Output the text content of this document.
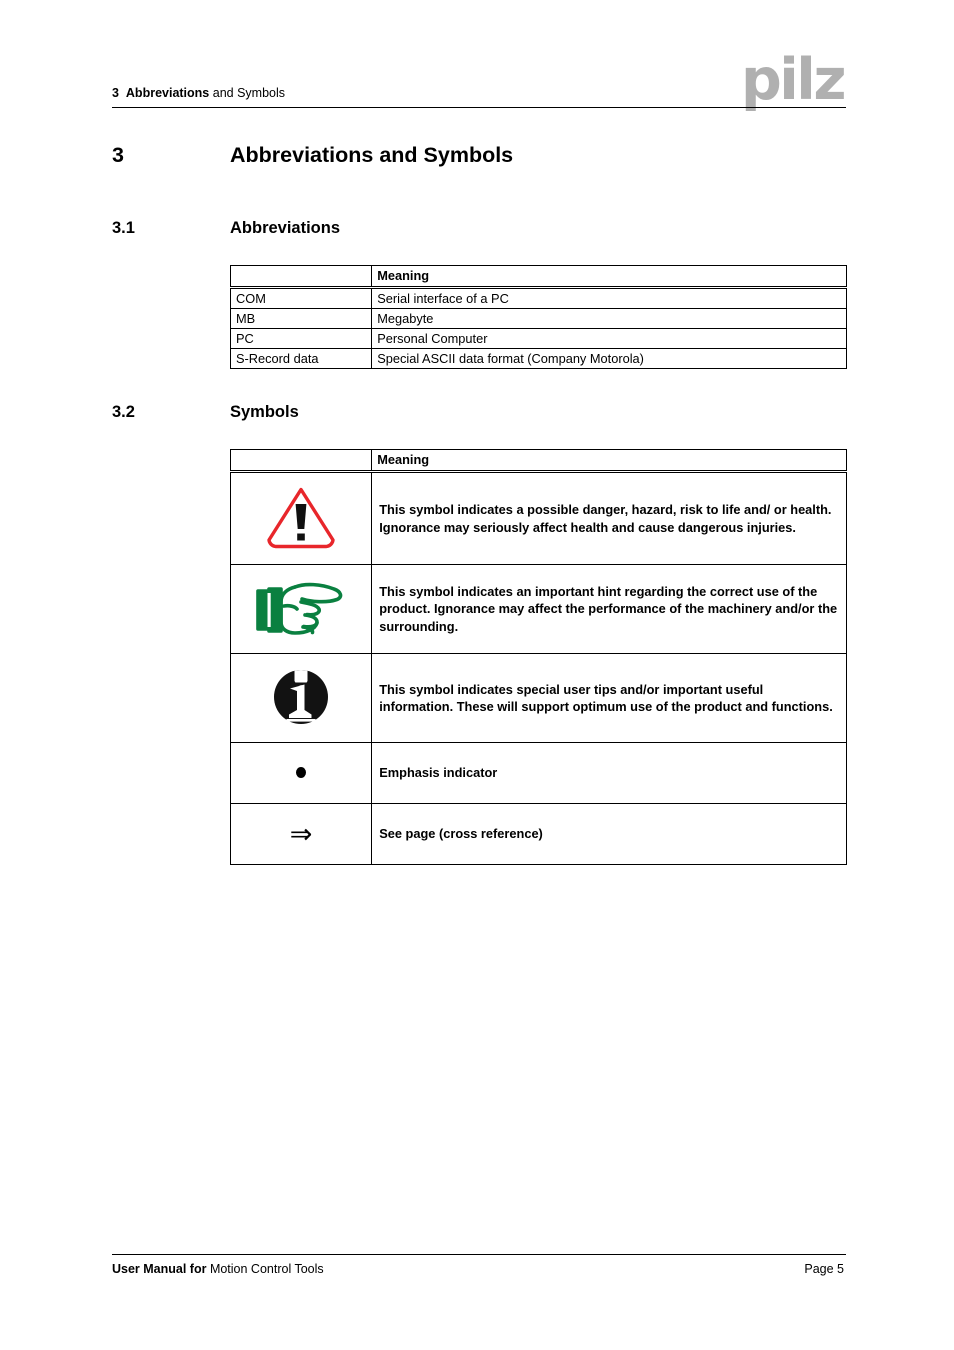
3 Abbreviations and Symbols	pilz
3	Abbreviations and Symbols
3.1	Abbreviations
	Meaning
COM	Serial interface of a PC
MB	Megabyte
PC	Personal Computer
S-Record data	Special ASCII data format (Company Motorola)
3.2	Symbols
	Meaning
	This symbol indicates a possible danger, hazard, risk to life and/ or health. Ignorance may seriously affect health and cause dangerous injuries.
	This symbol indicates an important hint regarding the correct use of the product. Ignorance may affect the performance of the machinery and/or the surrounding.
	This symbol indicates special user tips and/or important useful information. These will support optimum use of the product and functions.
	Emphasis indicator
⇒	See page (cross reference)
User Manual for Motion Control Tools	Page 5
